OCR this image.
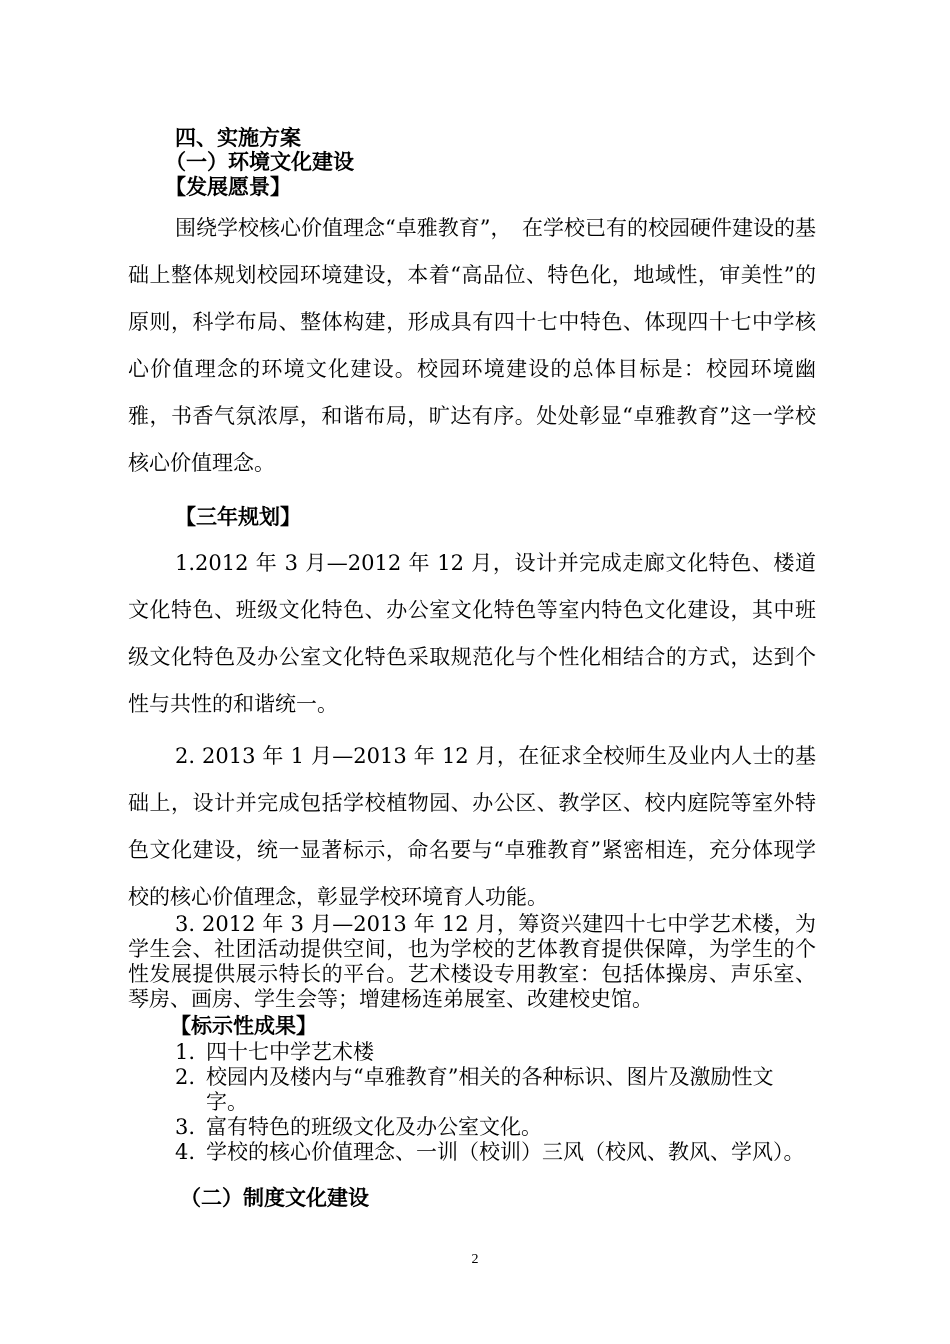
四、实施方案
（一）环境文化建设
【发展愿景】

围绕学校核心价值理念“卓雅教育”，　在学校已有的校园硬件建设的基础上整体规划校园环境建设，本着“高品位、特色化，地域性，审美性”的原则，科学布局、整体构建，形成具有四十七中特色、体现四十七中学核心价值理念的环境文化建设。校园环境建设的总体目标是：校园环境幽雅，书香气氛浓厚，和谐布局，旷达有序。处处彰显“卓雅教育”这一学校核心价值理念。

【三年规划】

1.2012 年 3 月—2012 年 12 月，设计并完成走廊文化特色、楼道文化特色、班级文化特色、办公室文化特色等室内特色文化建设，其中班级文化特色及办公室文化特色采取规范化与个性化相结合的方式，达到个性与共性的和谐统一。

2. 2013 年 1 月—2013 年 12 月，在征求全校师生及业内人士的基础上，设计并完成包括学校植物园、办公区、教学区、校内庭院等室外特色文化建设，统一显著标示，命名要与“卓雅教育”紧密相连，充分体现学校的核心价值理念，彰显学校环境育人功能。

3. 2012 年 3 月—2013 年 12 月，筹资兴建四十七中学艺术楼，为学生会、社团活动提供空间，也为学校的艺体教育提供保障，为学生的个性发展提供展示特长的平台。艺术楼设专用教室：包括体操房、声乐室、琴房、画房、学生会等；增建杨连弟展室、改建校史馆。

【标示性成果】
1. 四十七中学艺术楼
2. 校园内及楼内与“卓雅教育”相关的各种标识、图片及激励性文字。
3. 富有特色的班级文化及办公室文化。
4. 学校的核心价值理念、一训（校训）三风（校风、教风、学风）。
（二）制度文化建设
2
